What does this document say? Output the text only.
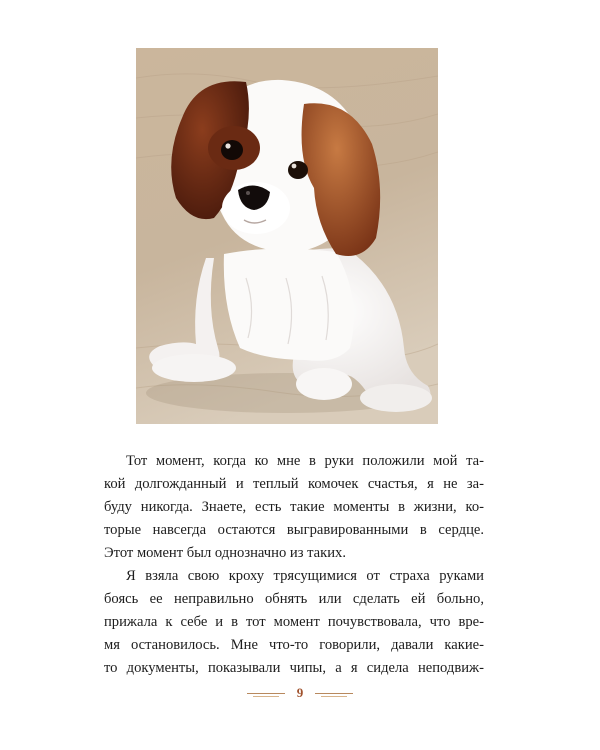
Тот момент, когда ко мне в руки положили мой та-
кой долгожданный и теплый комочек счастья, я не за-
буду никогда. Знаете, есть такие моменты в жизни, ко-
торые навсегда остаются выгравированными в сердце.
Этот момент был однозначно из таких.

Я взяла свою кроху трясущимися от страха руками
боясь ее неправильно обнять или сделать ей больно,
прижала к себе и в тот момент почувствовала, что вре-
мя остановилось. Мне что-то говорили, давали какие-
то документы, показывали чипы, а я сидела неподвиж-

9
